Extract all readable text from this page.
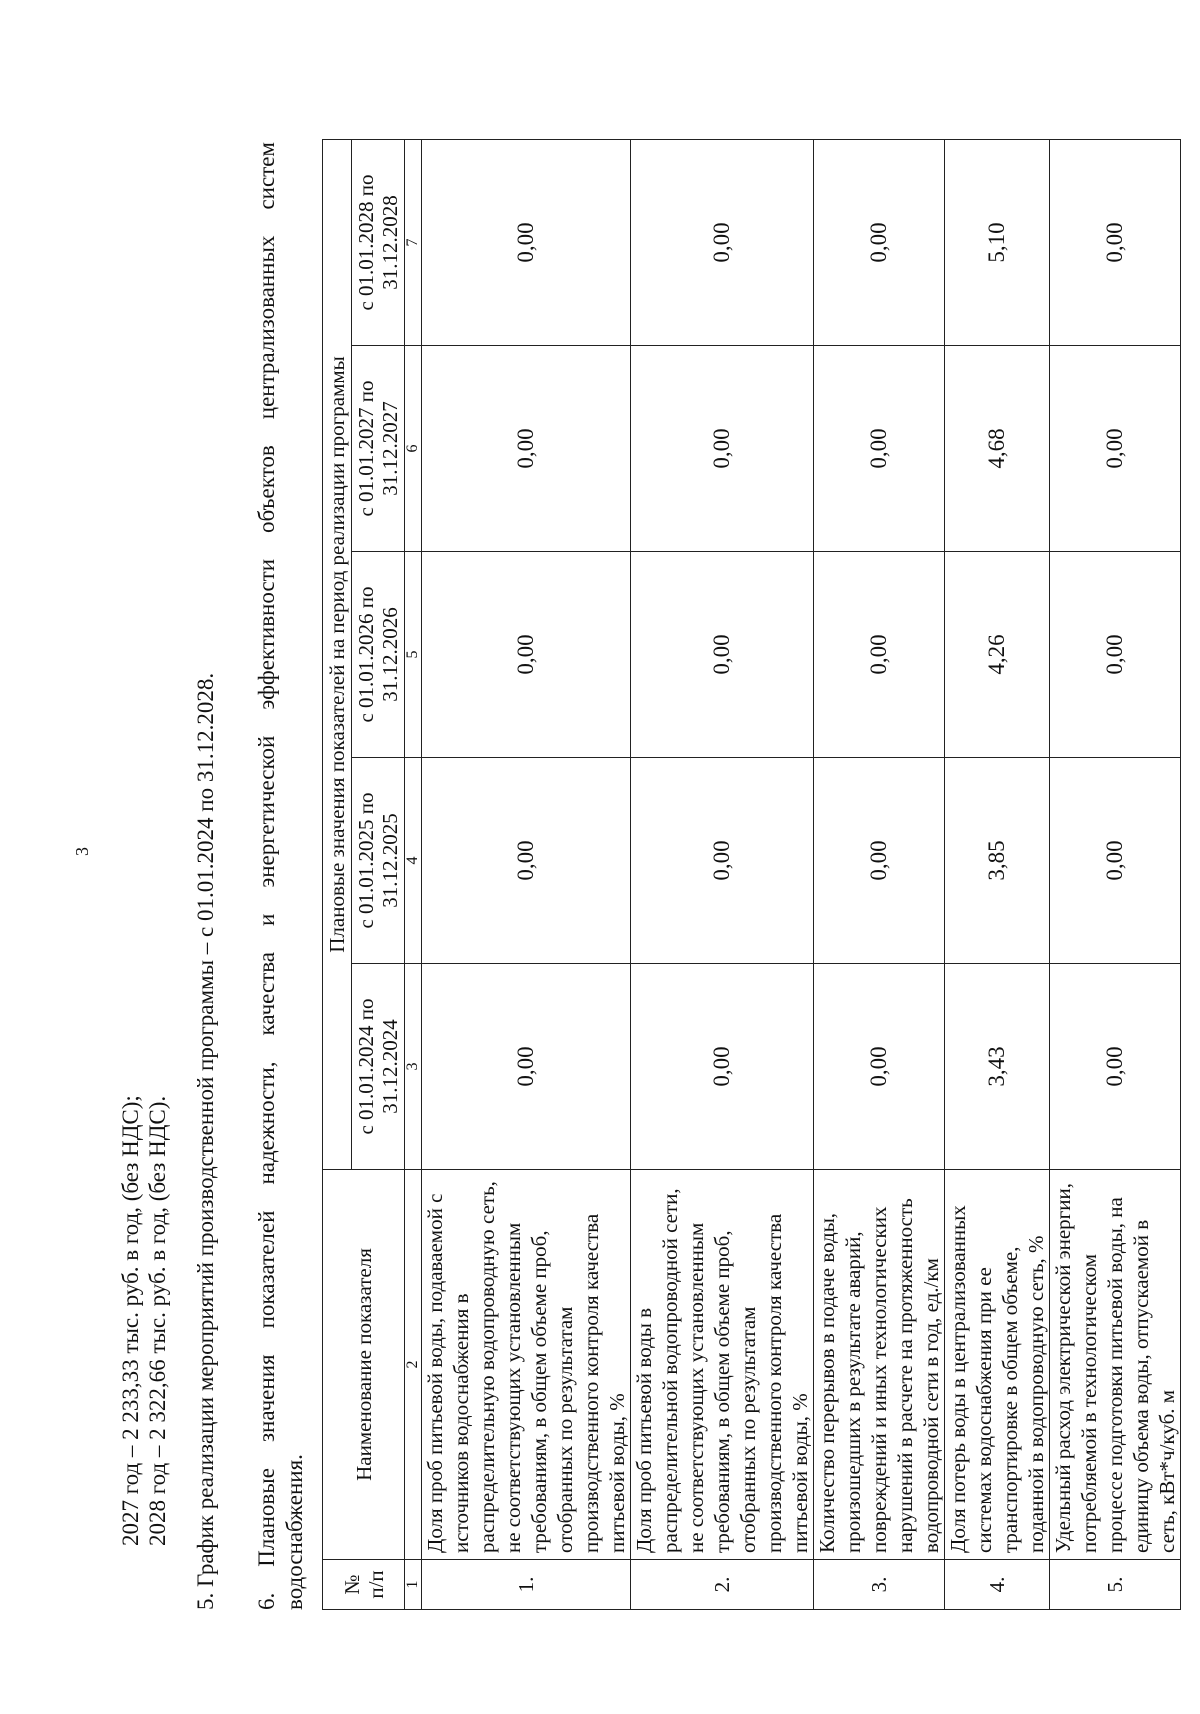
3
2027 год – 2 233,33 тыс. руб. в год, (без НДС); 2028 год – 2 322,66 тыс. руб. в год, (без НДС). 5. График реализации мероприятий производственной программы – с 01.01.2024 по 31.12.2028. 6. Плановые значения показателей надежности, качества и энергетической эффективности объектов централизованных систем водоснабжения. № п/п	Наименование показателя	Плановые значения показателей на период реализации программы				
		с 01.01.2024 по 31.12.2024	с 01.01.2025 по 31.12.2025	с 01.01.2026 по 31.12.2026	с 01.01.2027 по 31.12.2027	с 01.01.2028 по 31.12.2028
1	2	3	4	5	6	7
1.	Доля проб питьевой воды, подаваемой с источников водоснабжения в распределительную водопроводную сеть, не соответствующих установленным требованиям, в общем объеме проб, отобранных по результатам производственного контроля качества питьевой воды, %	0,00	0,00	0,00	0,00	0,00
2.	Доля проб питьевой воды в распределительной водопроводной сети, не соответствующих установленным требованиям, в общем объеме проб, отобранных по результатам производственного контроля качества питьевой воды, %	0,00	0,00	0,00	0,00	0,00
3.	Количество перерывов в подаче воды, произошедших в результате аварий, повреждений и иных технологических нарушений в расчете на протяженность водопроводной сети в год, ед./км	0,00	0,00	0,00	0,00	0,00
4.	Доля потерь воды в централизованных системах водоснабжения при ее транспортировке в общем объеме, поданной в водопроводную сеть, %	3,43	3,85	4,26	4,68	5,10
5.	Удельный расход электрической энергии, потребляемой в технологическом процессе подготовки питьевой воды, на единицу объема воды, отпускаемой в сеть, кВт*ч/куб. м	0,00	0,00	0,00	0,00	0,00
